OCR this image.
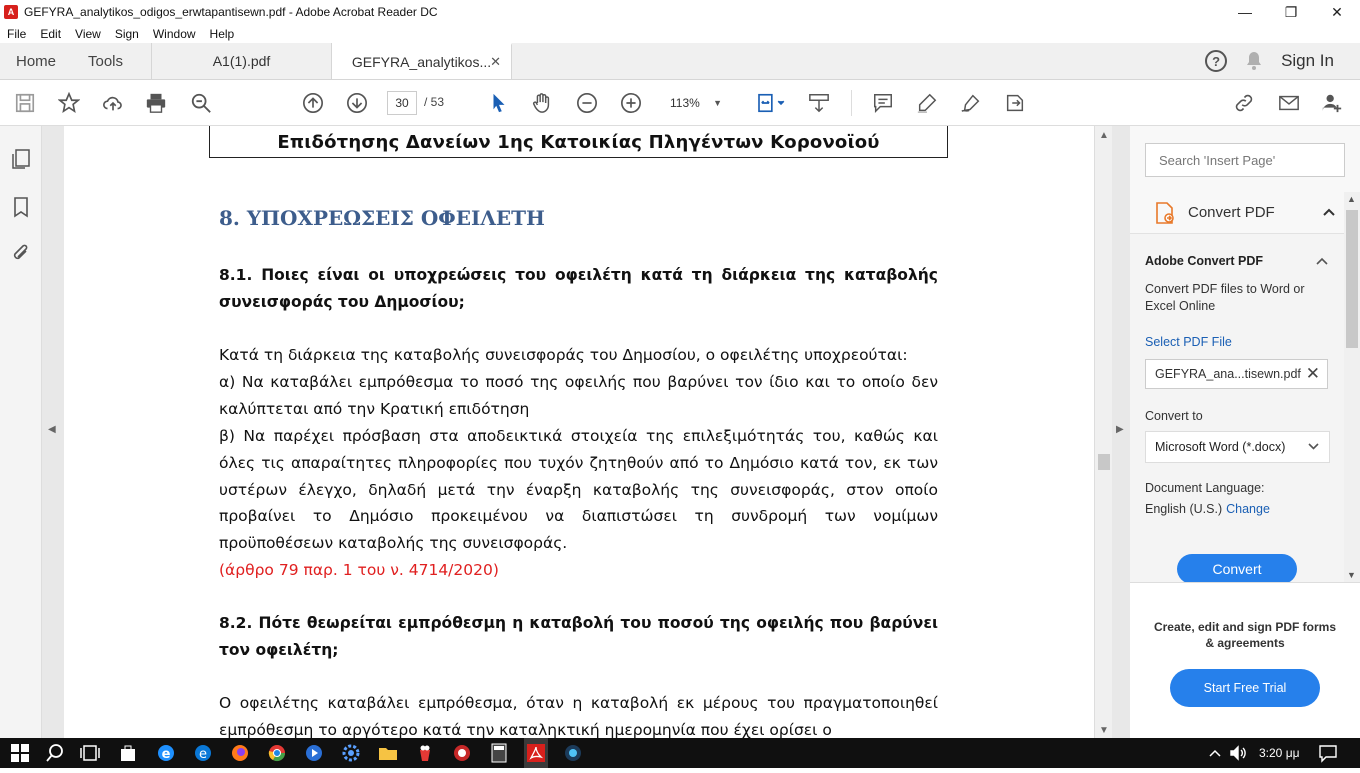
A GEFYRA_analytikos_odigos_erwtapantisewn.pdf - Adobe Acrobat Reader DC	—	❐	✕
File	Edit	View	Sign	Window	Help
Home	Tools	A1(1).pdf	GEFYRA_analytikos...
✕	?	Sign In
30	/ 53	113% ▼
◀
Επιδότησης Δανείων 1ης Κατοικίας Πληγέντων Κορονοϊού
8. ΥΠΟΧΡΕΩΣΕΙΣ ΟΦΕΙΛΕΤΗ
8.1. Ποιες είναι οι υποχρεώσεις του οφειλέτη κατά τη διάρκεια της καταβολής συνεισφοράς του Δημοσίου;
Κατά τη διάρκεια της καταβολής συνεισφοράς του Δημοσίου, ο οφειλέτης υποχρεούται:
α) Να καταβάλει εμπρόθεσμα το ποσό της οφειλής που βαρύνει τον ίδιο και το οποίο δεν καλύπτεται από την Κρατική επιδότηση
β) Να παρέχει πρόσβαση στα αποδεικτικά στοιχεία της επιλεξιμότητάς του, καθώς και όλες τις απαραίτητες πληροφορίες που τυχόν ζητηθούν από το Δημόσιο κατά τον, εκ των υστέρων έλεγχο, δηλαδή μετά την έναρξη καταβολής της συνεισφοράς, στον οποίο προβαίνει το Δημόσιο προκειμένου να διαπιστώσει τη συνδρομή των νομίμων προϋποθέσεων καταβολής της συνεισφοράς.
(άρθρο 79 παρ. 1 του ν. 4714/2020)
8.2. Πότε θεωρείται εμπρόθεσμη η καταβολή του ποσού της οφειλής που βαρύνει τον οφειλέτη;
Ο οφειλέτης καταβάλει εμπρόθεσμα, όταν η καταβολή εκ μέρους του πραγματοποιηθεί εμπρόθεσμη το αργότερο κατά την καταληκτική ημερομηνία που έχει ορίσει ο
▲
▼
▶
Search 'Insert Page'
Convert PDF
Adobe Convert PDF
Convert PDF files to Word or Excel Online
Select PDF File
GEFYRA_ana...tisewn.pdf ✕
Convert to
Microsoft Word (*.docx)
Document Language:
English (U.S.) Change
Convert
▲
▼
Create, edit and sign PDF forms & agreements
Start Free Trial
e e	3:20 μμ
